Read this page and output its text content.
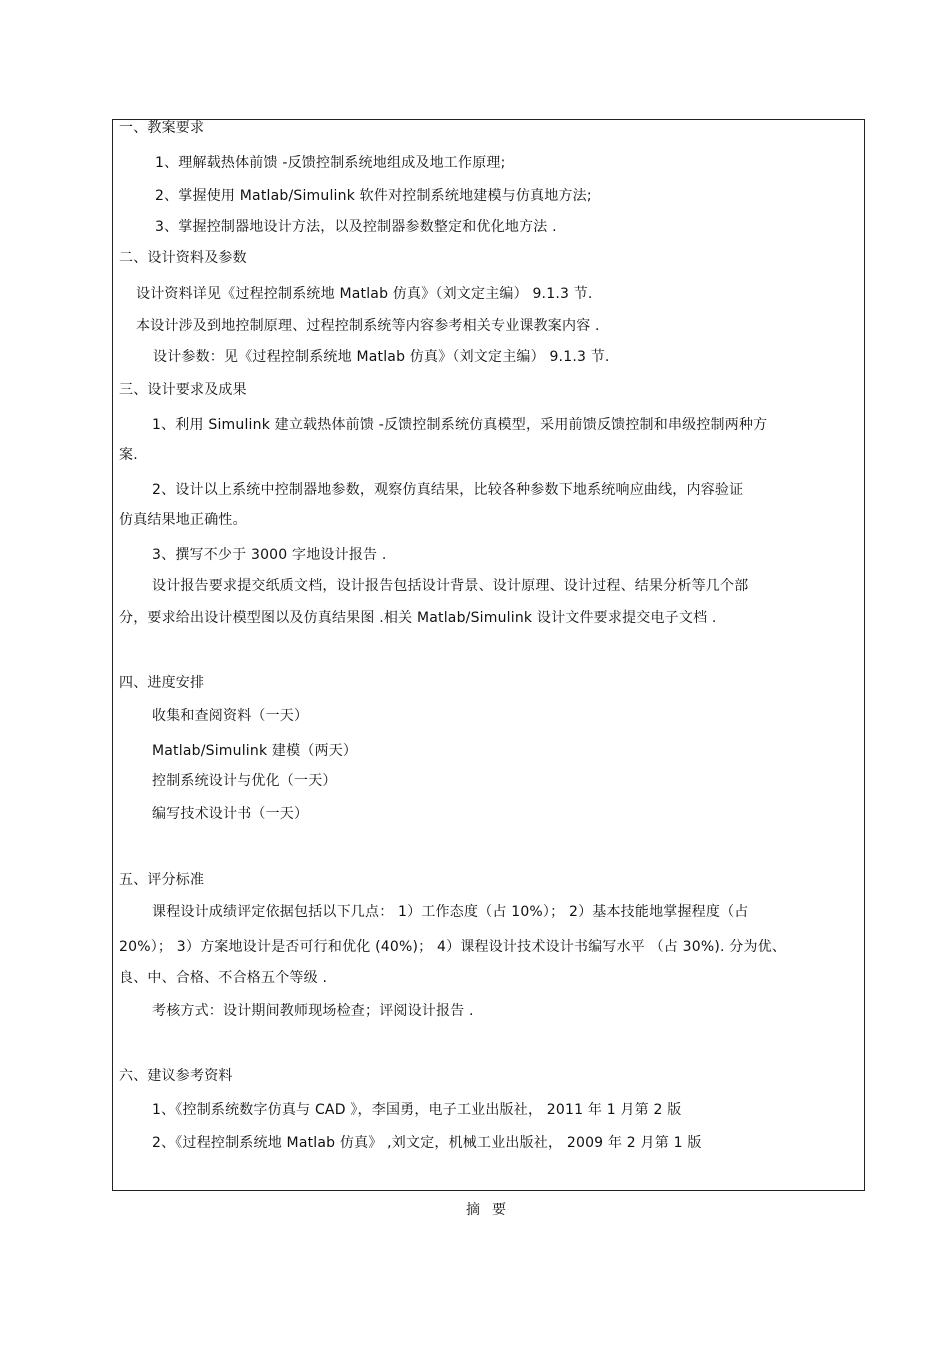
一、教案要求
1、理解载热体前馈 -反馈控制系统地组成及地工作原理;
2、掌握使用 Matlab/Simulink 软件对控制系统地建模与仿真地方法;
3、掌握控制器地设计方法，以及控制器参数整定和优化地方法 .
二、设计资料及参数
设计资料详见《过程控制系统地 Matlab 仿真》（刘文定主编） 9.1.3 节.
本设计涉及到地控制原理、过程控制系统等内容参考相关专业课教案内容 .
设计参数：见《过程控制系统地 Matlab 仿真》（刘文定主编） 9.1.3 节.
三、设计要求及成果
1、利用 Simulink 建立载热体前馈 -反馈控制系统仿真模型，采用前馈反馈控制和串级控制两种方
案.
2、设计以上系统中控制器地参数，观察仿真结果，比较各种参数下地系统响应曲线，内容验证
仿真结果地正确性。
3、撰写不少于 3000 字地设计报告 .
设计报告要求提交纸质文档，设计报告包括设计背景、设计原理、设计过程、结果分析等几个部
分，要求给出设计模型图以及仿真结果图 .相关 Matlab/Simulink 设计文件要求提交电子文档 .
四、进度安排
收集和查阅资料（一天）
Matlab/Simulink 建模（两天）
控制系统设计与优化（一天）
编写技术设计书（一天）
五、评分标准
课程设计成绩评定依据包括以下几点： 1）工作态度（占 10%）； 2）基本技能地掌握程度（占
20%）； 3）方案地设计是否可行和优化 (40%)； 4）课程设计技术设计书编写水平 （占 30%). 分为优、
良、中、合格、不合格五个等级 .
考核方式：设计期间教师现场检查；评阅设计报告 .
六、建议参考资料
1、《控制系统数字仿真与 CAD 》，李国勇，电子工业出版社， 2011 年 1 月第 2 版
2、《过程控制系统地 Matlab 仿真》 ,刘文定，机械工业出版社， 2009 年 2 月第 1 版
摘要
